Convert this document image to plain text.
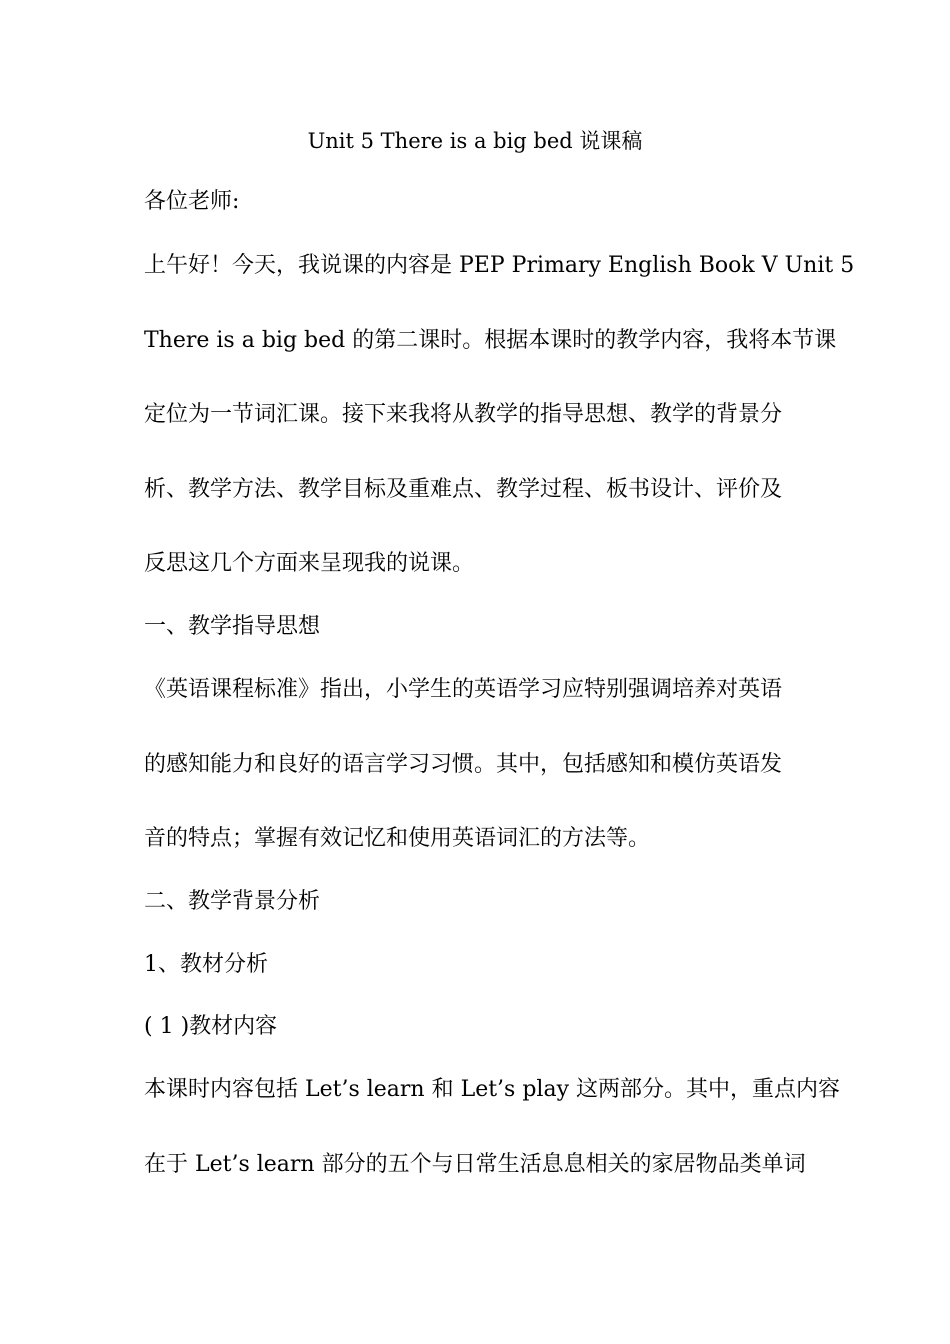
Unit 5 There is a big bed 说课稿
各位老师:
上午好！今天，我说课的内容是 PEP Primary English Book V Unit 5
There is a big bed 的第二课时。根据本课时的教学内容，我将本节课
定位为一节词汇课。接下来我将从教学的指导思想、教学的背景分
析、教学方法、教学目标及重难点、教学过程、板书设计、评价及
反思这几个方面来呈现我的说课。
一、教学指导思想
《英语课程标准》指出，小学生的英语学习应特别强调培养对英语
的感知能力和良好的语言学习习惯。其中，包括感知和模仿英语发
音的特点；掌握有效记忆和使用英语词汇的方法等。
二、教学背景分析
1、教材分析
( 1 )教材内容
本课时内容包括 Let’s learn 和 Let’s play 这两部分。其中，重点内容
在于 Let’s learn 部分的五个与日常生活息息相关的家居物品类单词
